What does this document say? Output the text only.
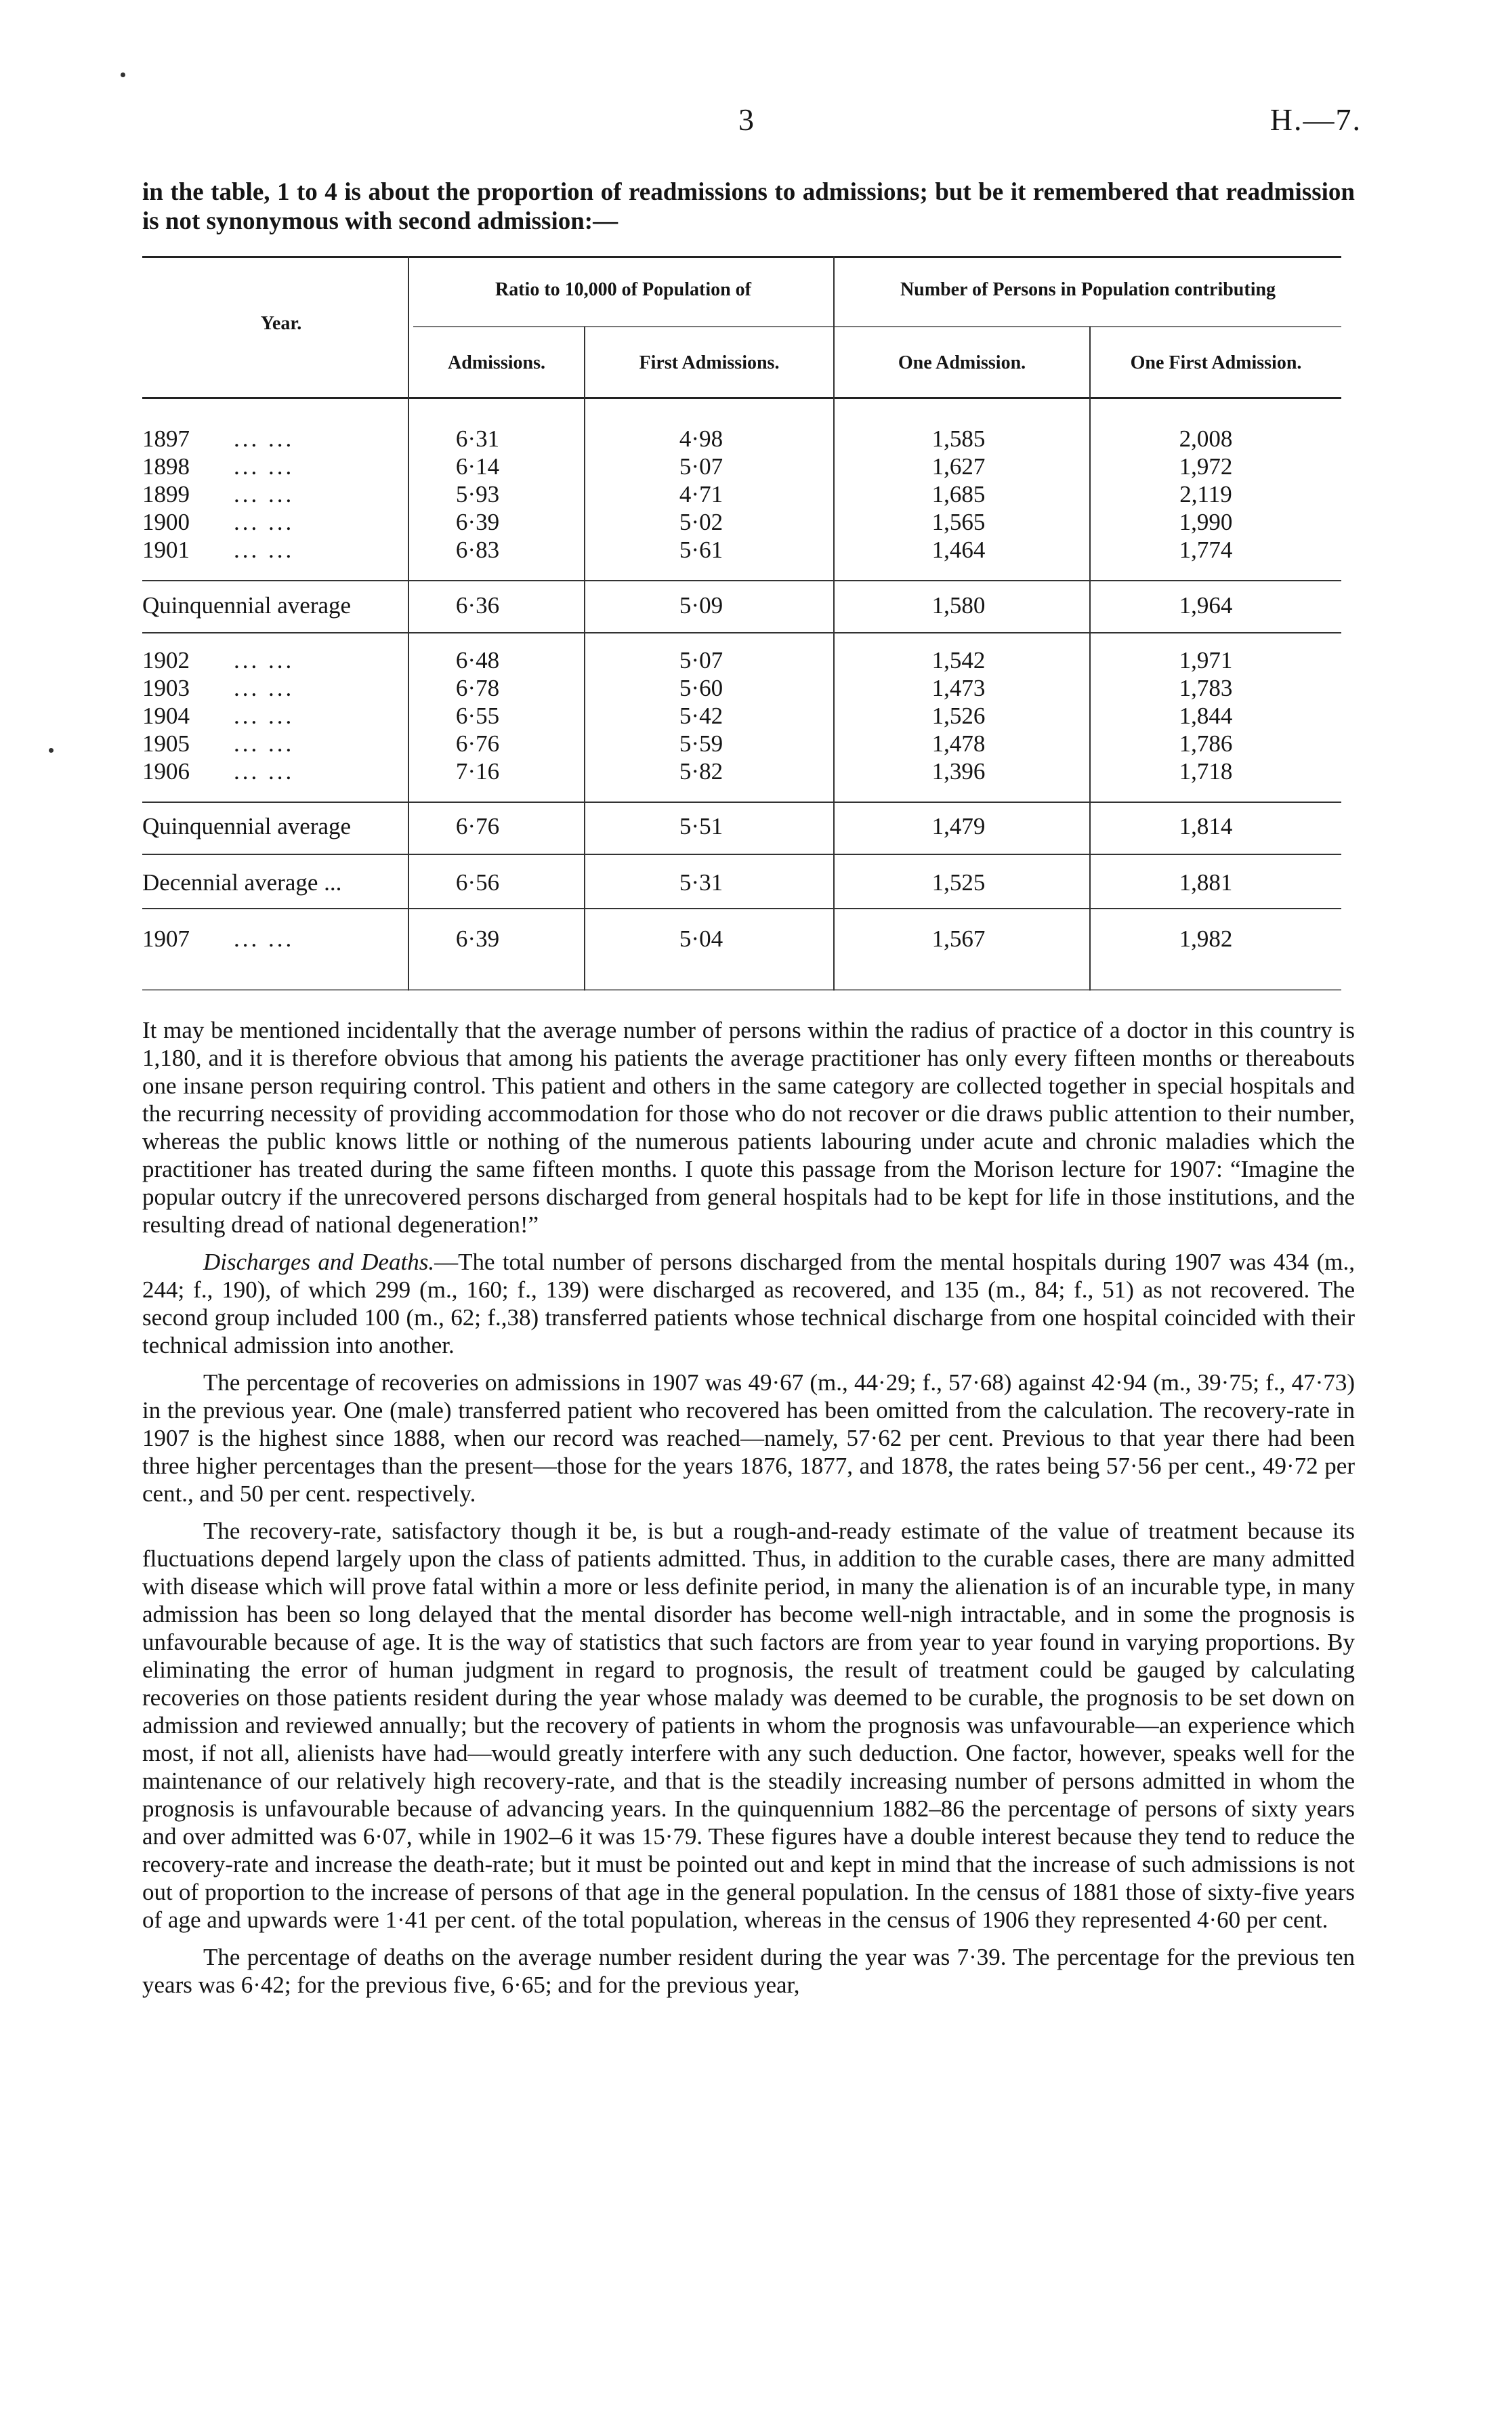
3	H.—7.

in the table, 1 to 4 is about the proportion of readmissions to admissions; but be it remembered that readmission is not synonymous with second admission:—

Year.
Ratio to 10,000 of Population of	Number of Persons in Population contributing
Admissions.	First Admissions.	One Admission.	One First Admission.
1897 ... ...	6·31	4·98	1,585	2,008
1898 ... ...	6·14	5·07	1,627	1,972
1899 ... ...	5·93	4·71	1,685	2,119
1900 ... ...	6·39	5·02	1,565	1,990
1901 ... ...	6·83	5·61	1,464	1,774
Quinquennial average	6·36	5·09	1,580	1,964
1902 ... ...	6·48	5·07	1,542	1,971
1903 ... ...	6·78	5·60	1,473	1,783
1904 ... ...	6·55	5·42	1,526	1,844
1905 ... ...	6·76	5·59	1,478	1,786
1906 ... ...	7·16	5·82	1,396	1,718
Quinquennial average	6·76	5·51	1,479	1,814
Decennial average ...	6·56	5·31	1,525	1,881
1907 ... ...	6·39	5·04	1,567	1,982

It may be mentioned incidentally that the average number of persons within the radius of practice of a doctor in this country is 1,180, and it is therefore obvious that among his patients the average practitioner has only every fifteen months or thereabouts one insane person requiring control. This patient and others in the same category are collected together in special hospitals and the recurring necessity of providing accommodation for those who do not recover or die draws public attention to their number, whereas the public knows little or nothing of the numerous patients labouring under acute and chronic maladies which the practitioner has treated during the same fifteen months. I quote this passage from the Morison lecture for 1907: “Imagine the popular outcry if the unrecovered persons discharged from general hospitals had to be kept for life in those institutions, and the resulting dread of national degeneration!”

Discharges and Deaths.—The total number of persons discharged from the mental hospitals during 1907 was 434 (m., 244; f., 190), of which 299 (m., 160; f., 139) were discharged as recovered, and 135 (m., 84; f., 51) as not recovered. The second group included 100 (m., 62; f.,38) transferred patients whose technical discharge from one hospital coincided with their technical admission into another.

The percentage of recoveries on admissions in 1907 was 49·67 (m., 44·29; f., 57·68) against 42·94 (m., 39·75; f., 47·73) in the previous year. One (male) transferred patient who recovered has been omitted from the calculation. The recovery-rate in 1907 is the highest since 1888, when our record was reached—namely, 57·62 per cent. Previous to that year there had been three higher percentages than the present—those for the years 1876, 1877, and 1878, the rates being 57·56 per cent., 49·72 per cent., and 50 per cent. respectively.

The recovery-rate, satisfactory though it be, is but a rough-and-ready estimate of the value of treatment because its fluctuations depend largely upon the class of patients admitted. Thus, in addition to the curable cases, there are many admitted with disease which will prove fatal within a more or less definite period, in many the alienation is of an incurable type, in many admission has been so long delayed that the mental disorder has become well-nigh intractable, and in some the prognosis is unfavourable because of age. It is the way of statistics that such factors are from year to year found in varying proportions. By eliminating the error of human judgment in regard to prognosis, the result of treatment could be gauged by calculating recoveries on those patients resident during the year whose malady was deemed to be curable, the prognosis to be set down on admission and reviewed annually; but the recovery of patients in whom the prognosis was unfavourable—an experience which most, if not all, alienists have had—would greatly interfere with any such deduction. One factor, however, speaks well for the maintenance of our relatively high recovery-rate, and that is the steadily increasing number of persons admitted in whom the prognosis is unfavourable because of advancing years. In the quinquennium 1882–86 the percentage of persons of sixty years and over admitted was 6·07, while in 1902–6 it was 15·79. These figures have a double interest because they tend to reduce the recovery-rate and increase the death-rate; but it must be pointed out and kept in mind that the increase of such admissions is not out of proportion to the increase of persons of that age in the general population. In the census of 1881 those of sixty-five years of age and upwards were 1·41 per cent. of the total population, whereas in the census of 1906 they represented 4·60 per cent.

The percentage of deaths on the average number resident during the year was 7·39. The percentage for the previous ten years was 6·42; for the previous five, 6·65; and for the previous year,
